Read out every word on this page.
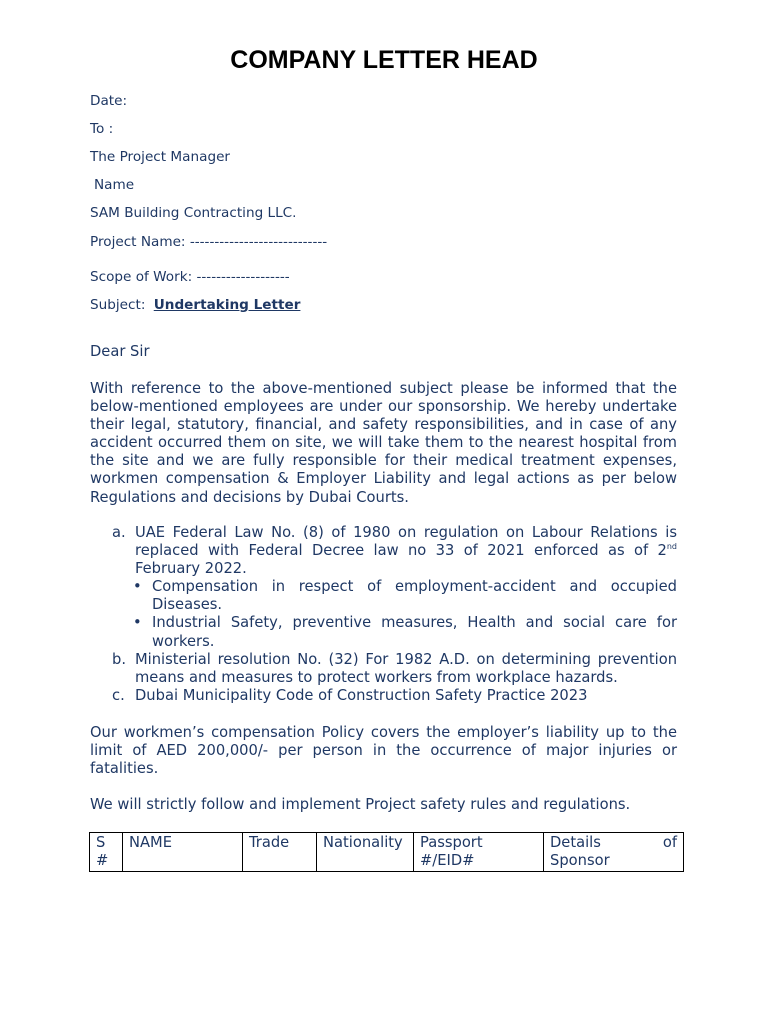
COMPANY LETTER HEAD
Date:
To :
The Project Manager
Name
SAM Building Contracting LLC.
Project Name: ----------------------------
Scope of Work: -------------------
Subject: Undertaking Letter
Dear Sir

With reference to the above-mentioned subject please be informed that the below-mentioned employees are under our sponsorship. We hereby undertake their legal, statutory, financial, and safety responsibilities, and in case of any accident occurred them on site, we will take them to the nearest hospital from the site and we are fully responsible for their medical treatment expenses, workmen compensation & Employer Liability and legal actions as per below Regulations and decisions by Dubai Courts.

a. UAE Federal Law No. (8) of 1980 on regulation on Labour Relations is replaced with Federal Decree law no 33 of 2021 enforced as of 2nd February 2022.
• Compensation in respect of employment-accident and occupied Diseases.
• Industrial Safety, preventive measures, Health and social care for workers.
b. Ministerial resolution No. (32) For 1982 A.D. on determining prevention means and measures to protect workers from workplace hazards.
c. Dubai Municipality Code of Construction Safety Practice 2023

Our workmen’s compensation Policy covers the employer’s liability up to the limit of AED 200,000/- per person in the occurrence of major injuries or fatalities.

We will strictly follow and implement Project safety rules and regulations.

S #	NAME	Trade	Nationality	Passport #/EID#	Details of Sponsor
